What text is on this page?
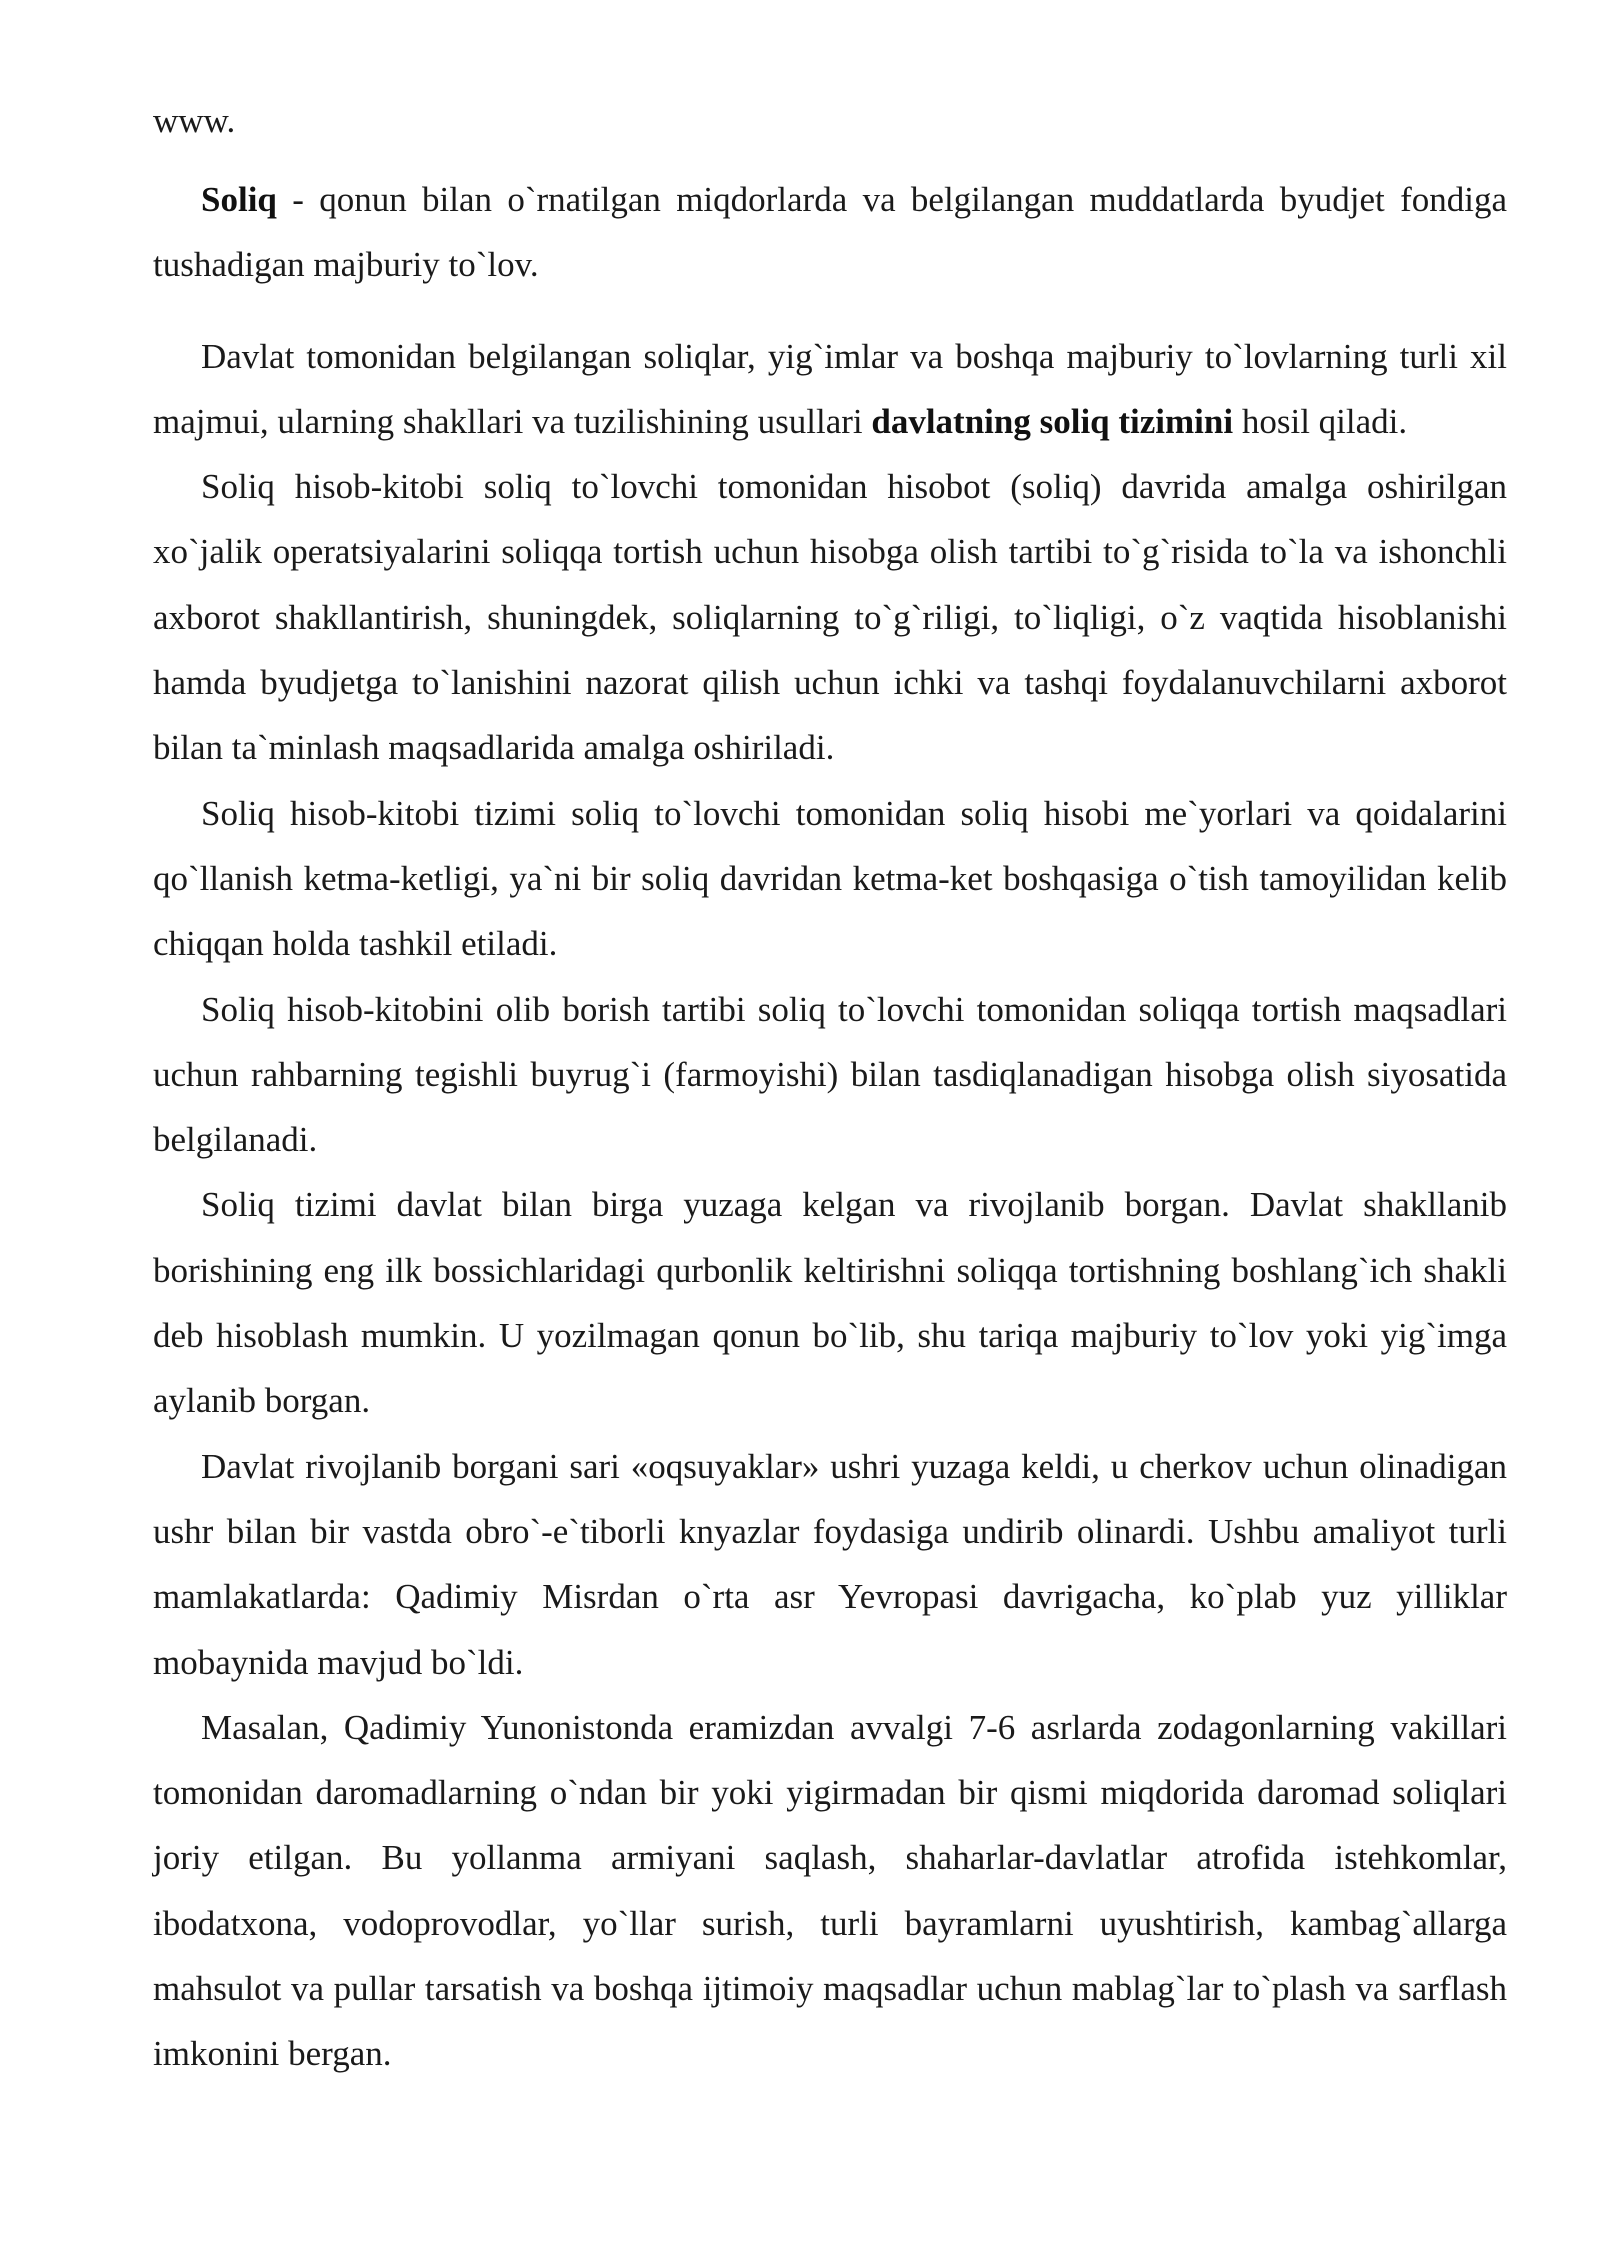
www.

Soliq - qonun bilan o`rnatilgan miqdorlarda va belgilangan muddatlarda byudjet fondiga tushadigan majburiy to`lov.

Davlat tomonidan belgilangan soliqlar, yig`imlar va boshqa majburiy to`lovlarning turli xil majmui, ularning shakllari va tuzilishining usullari davlatning soliq tizimini hosil qiladi.

Soliq hisob-kitobi soliq to`lovchi tomonidan hisobot (soliq) davrida amalga oshirilgan xo`jalik operatsiyalarini soliqqa tortish uchun hisobga olish tartibi to`g`risida to`la va ishonchli axborot shakllantirish, shuningdek, soliqlarning to`g`riligi, to`liqligi, o`z vaqtida hisoblanishi hamda byudjetga to`lanishini nazorat qilish uchun ichki va tashqi foydalanuvchilarni axborot bilan ta`minlash maqsadlarida amalga oshiriladi.

Soliq hisob-kitobi tizimi soliq to`lovchi tomonidan soliq hisobi me`yorlari va qoidalarini qo`llanish ketma-ketligi, ya`ni bir soliq davridan ketma-ket boshqasiga o`tish tamoyilidan kelib chiqqan holda tashkil etiladi.

Soliq hisob-kitobini olib borish tartibi soliq to`lovchi tomonidan soliqqa tortish maqsadlari uchun rahbarning tegishli buyrug`i (farmoyishi) bilan tasdiqlanadigan hisobga olish siyosatida belgilanadi.

Soliq tizimi davlat bilan birga yuzaga kelgan va rivojlanib borgan. Davlat shakllanib borishining eng ilk bossichlaridagi qurbonlik keltirishni soliqqa tortishning boshlang`ich shakli deb hisoblash mumkin. U yozilmagan qonun bo`lib, shu tariqa majburiy to`lov yoki yig`imga aylanib borgan.

Davlat rivojlanib borgani sari «oqsuyaklar» ushri yuzaga keldi, u cherkov uchun olinadigan ushr bilan bir vastda obro`-e`tiborli knyazlar foydasiga undirib olinardi. Ushbu amaliyot turli mamlakatlarda: Qadimiy Misrdan o`rta asr Yevropasi davrigacha, ko`plab yuz yilliklar mobaynida mavjud bo`ldi.

Masalan, Qadimiy Yunonistonda eramizdan avvalgi 7-6 asrlarda zodagonlarning vakillari tomonidan daromadlarning o`ndan bir yoki yigirmadan bir qismi miqdorida daromad soliqlari joriy etilgan. Bu yollanma armiyani saqlash, shaharlar-davlatlar atrofida istehkomlar, ibodatxona, vodoprovodlar, yo`llar surish, turli bayramlarni uyushtirish, kambag`allarga mahsulot va pullar tarsatish va boshqa ijtimoiy maqsadlar uchun mablag`lar to`plash va sarflash imkonini bergan.
